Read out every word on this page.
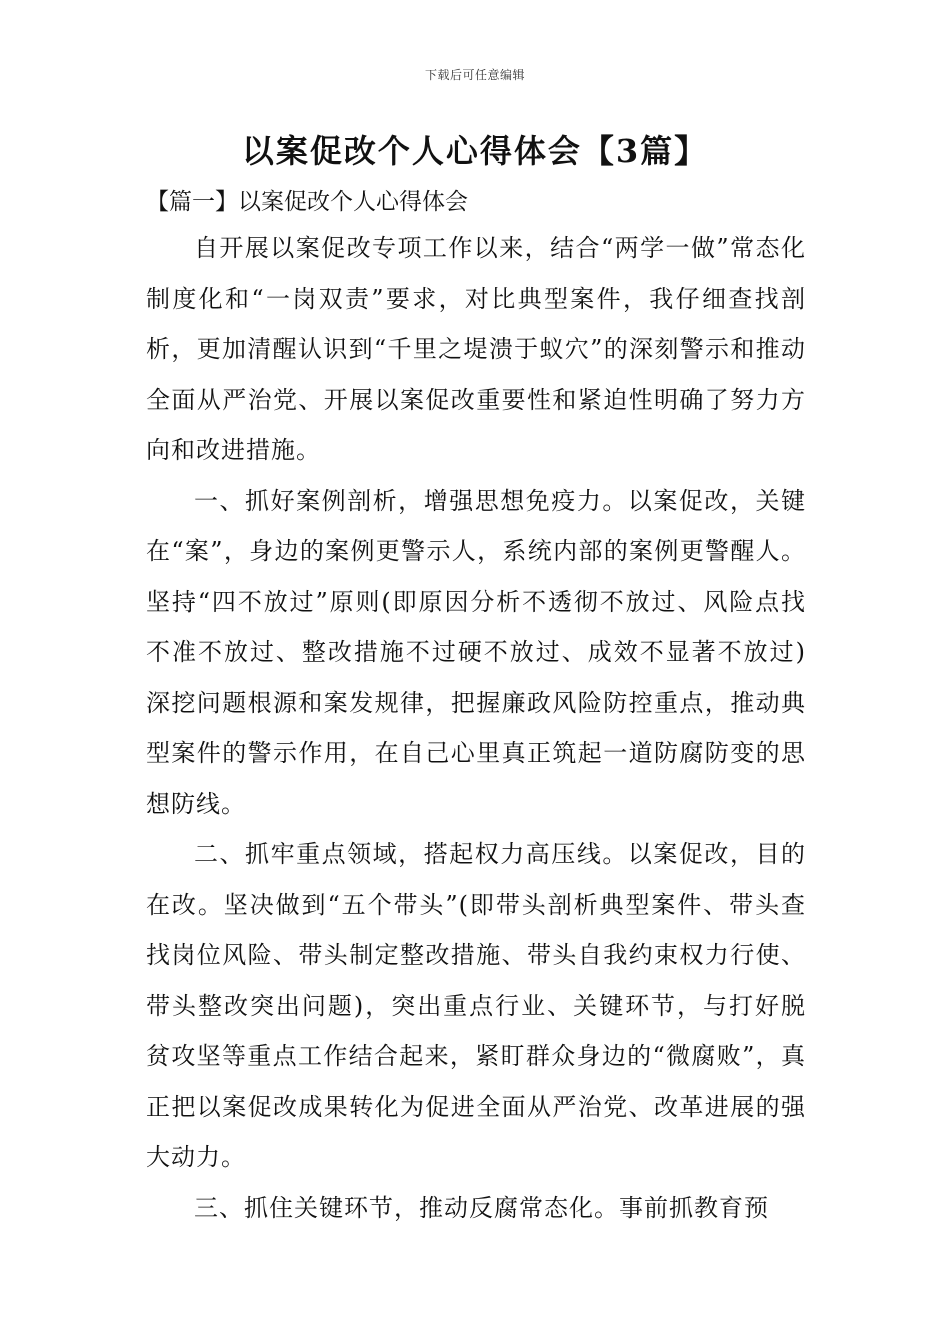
下载后可任意编辑
以案促改个人心得体会【3篇】
【篇一】以案促改个人心得体会

自开展以案促改专项工作以来，结合“两学一做”常态化制度化和“一岗双责”要求，对比典型案件，我仔细查找剖析，更加清醒认识到“千里之堤溃于蚁穴”的深刻警示和推动全面从严治党、开展以案促改重要性和紧迫性明确了努力方向和改进措施。

一、抓好案例剖析，增强思想免疫力。以案促改，关键在“案”，身边的案例更警示人，系统内部的案例更警醒人。坚持“四不放过”原则(即原因分析不透彻不放过、风险点找不准不放过、整改措施不过硬不放过、成效不显著不放过)深挖问题根源和案发规律，把握廉政风险防控重点，推动典型案件的警示作用，在自己心里真正筑起一道防腐防变的思想防线。

二、抓牢重点领域，搭起权力高压线。以案促改，目的在改。坚决做到“五个带头”(即带头剖析典型案件、带头查找岗位风险、带头制定整改措施、带头自我约束权力行使、带头整改突出问题)，突出重点行业、关键环节，与打好脱贫攻坚等重点工作结合起来，紧盯群众身边的“微腐败”，真正把以案促改成果转化为促进全面从严治党、改革进展的强大动力。

三、抓住关键环节，推动反腐常态化。事前抓教育预
